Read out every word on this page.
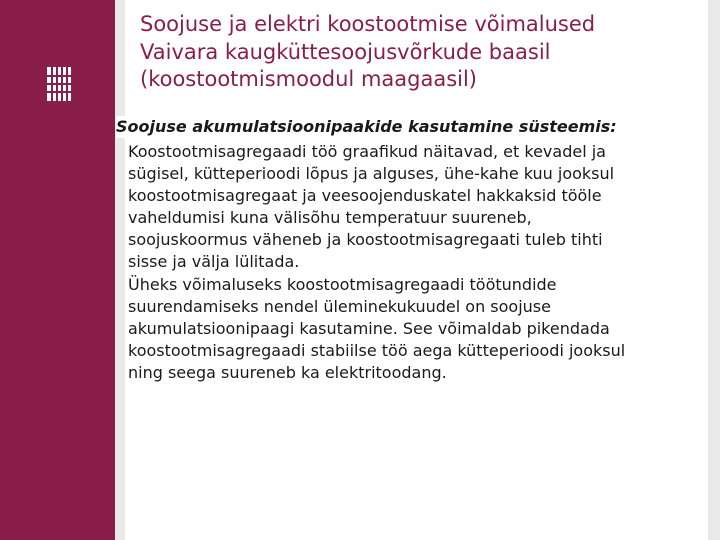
Soojuse ja elektri koostootmise võimalused
Vaivara kaugküttesoojusvõrkude baasil
(koostootmismoodul maagaasil)
Soojuse akumulatsioonipaakide kasutamine süsteemis:
Koostootmisagregaadi töö graafikud näitavad, et kevadel ja
sügisel, kütteperioodi lõpus ja alguses, ühe-kahe kuu jooksul
koostootmisagregaat ja veesoojenduskatel hakkaksid tööle
vaheldumisi kuna välisõhu temperatuur suureneb,
soojuskoormus väheneb ja koostootmisagregaati tuleb tihti
sisse ja välja lülitada.
Üheks võimaluseks koostootmisagregaadi töötundide
suurendamiseks nendel üleminekukuudel on soojuse
akumulatsioonipaagi kasutamine. See võimaldab pikendada
koostootmisagregaadi stabiilse töö aega kütteperioodi jooksul
ning seega suureneb ka elektritoodang.
